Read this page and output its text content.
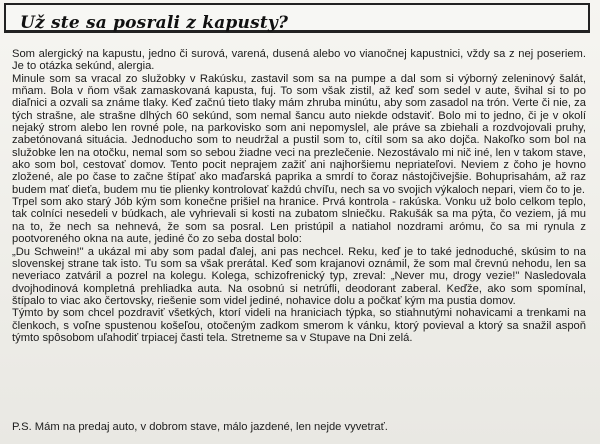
Už ste sa posrali z kapusty?

Som alergický na kapustu, jedno či surová, varená, dusená alebo vo vianočnej kapustnici, vždy sa z nej poseriem. Je to otázka sekúnd, alergia.

Minule som sa vracal zo služobky v Rakúsku, zastavil som sa na pumpe a dal som si výborný zeleninový šalát, mňam. Bola v ňom však zamaskovaná kapusta, fuj. To som však zistil, až keď som sedel v aute, švihal si to po diaľnici a ozvali sa známe tlaky. Keď začnú tieto tlaky mám zhruba minútu, aby som zasadol na trón. Verte či nie, za tých strašne, ale strašne dlhých 60 sekúnd, som nemal šancu auto niekde odstaviť. Bolo mi to jedno, či je v okolí nejaký strom alebo len rovné pole, na parkovisko som ani nepomyslel, ale práve sa zbiehali a rozdvojovali pruhy, zabetónovaná situácia. Jednoducho som to neudržal a pustil som to, cítil som sa ako dojča. Nakoľko som bol na služobke len na otočku, nemal som so sebou žiadne veci na prezlečenie. Nezostávalo mi nič iné, len v takom stave, ako som bol, cestovať domov. Tento pocit neprajem zažiť ani najhoršiemu nepriateľovi. Neviem z čoho je hovno zložené, ale po čase to začne štípať ako maďarská paprika a smrdí to čoraz nástojčivejšie. Bohuprisahám, až raz budem mať dieťa, budem mu tie plienky kontrolovať každú chvíľu, nech sa vo svojich výkaloch nepari, viem čo to je.

Trpel som ako starý Jób kým som konečne prišiel na hranice. Prvá kontrola - rakúska. Vonku už bolo celkom teplo, tak colníci nesedeli v búdkach, ale vyhrievali si kosti na zubatom slniečku. Rakušák sa ma pýta, čo veziem, já mu na to, že nech sa nehnevá, že som sa posral. Len pristúpil a natiahol nozdrami arómu, čo sa mi rynula z pootvoreného okna na aute, jediné čo zo seba dostal bolo:

„Du Schwein!" a ukázal mi aby som padal ďalej, ani pas nechcel. Reku, keď je to také jednoduché, skúsim to na slovenskej strane tak isto. Tu som sa však prerátal. Keď som krajanovi oznámil, že som mal črevnú nehodu, len sa neveriaco zatváril a pozrel na kolegu. Kolega, schizofrenický typ, zreval: „Never mu, drogy vezie!" Nasledovala dvojhodinová kompletná prehliadka auta. Na osobnú si netrúfli, deodorant zaberal. Keďže, ako som spomínal, štípalo to viac ako čertovsky, riešenie som videl jediné, nohavice dolu a počkať kým ma pustia domov.

Týmto by som chcel pozdraviť všetkých, ktorí videli na hraniciach týpka, so stiahnutými nohavicami a trenkami na členkoch, s voľne spustenou košeľou, otočeným zadkom smerom k vánku, ktorý povieval a ktorý sa snažil aspoň týmto spôsobom uľahodiť trpiacej časti tela. Stretneme sa v Stupave na Dni zelá.

P.S. Mám na predaj auto, v dobrom stave, málo jazdené, len nejde vyvetrať.
